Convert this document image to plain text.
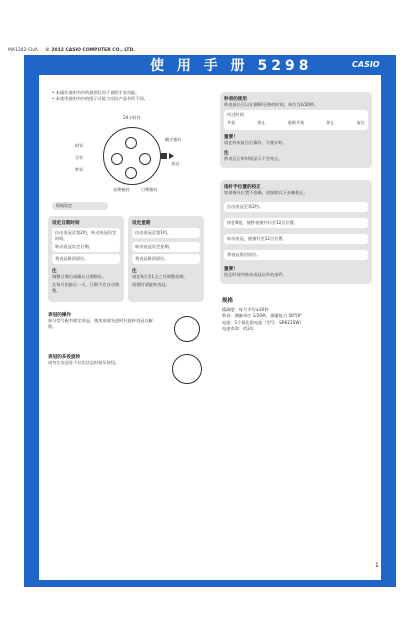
MA1202-ClsA © 2012 CASIO COMPUTER CO., LTD.
使 用 手 册 5298	CASIO
• 本操作说明书中的插图仅用于说明手表功能。
• 本使用说明书中的图示可能与实际产品有所不同。
24小时针
时针
分针
秒针
模式指针
表冠
星期指针	日期指针
时间设定
设定日期时间
拉出表冠至第2档，转动表冠设定时间。
转动表冠设定日期。
将表冠推回原位。
注
调整日期后请确认日期指针。
在每月的最后一天，日期不会自动调整。
设定星期
拉出表冠至第1档。
转动表冠设定星期。
将表冠推回原位。
注
请在9点至1点之外调整星期。
需要时请旋转表冠。
秒表的使用
秒表最长可以计测60分钟的时间，单位为1/20秒。
经过时间
开始	停止	重新开始	停止	复位
重要！
请在秒表复位后操作，方便计时。
注
秒表运行时时间显示不会停止。
指针手位置的校正
如果指针位置不准确，请按照以下步骤校正。
拉出表冠至第2档。
按住B钮，使秒表指针归至12点位置。
转动表冠，使指针至12点位置。
将表冠推回原位。
重要！
校正时请勿转动表冠以外的部件。
规格
精确度：每月平均±20秒
秒表：测量单位 1/20秒，测量能力 59'59"
电池：1个氧化银电池（型号：SR621SW）
电池寿命：约2年
表冠的操作
部分型号配有锁定表冠，使用前请先逆时针旋转表冠以解锁。
表冠的多段旋转
请勿在表冠处于拉出状态时按压按钮。
1
